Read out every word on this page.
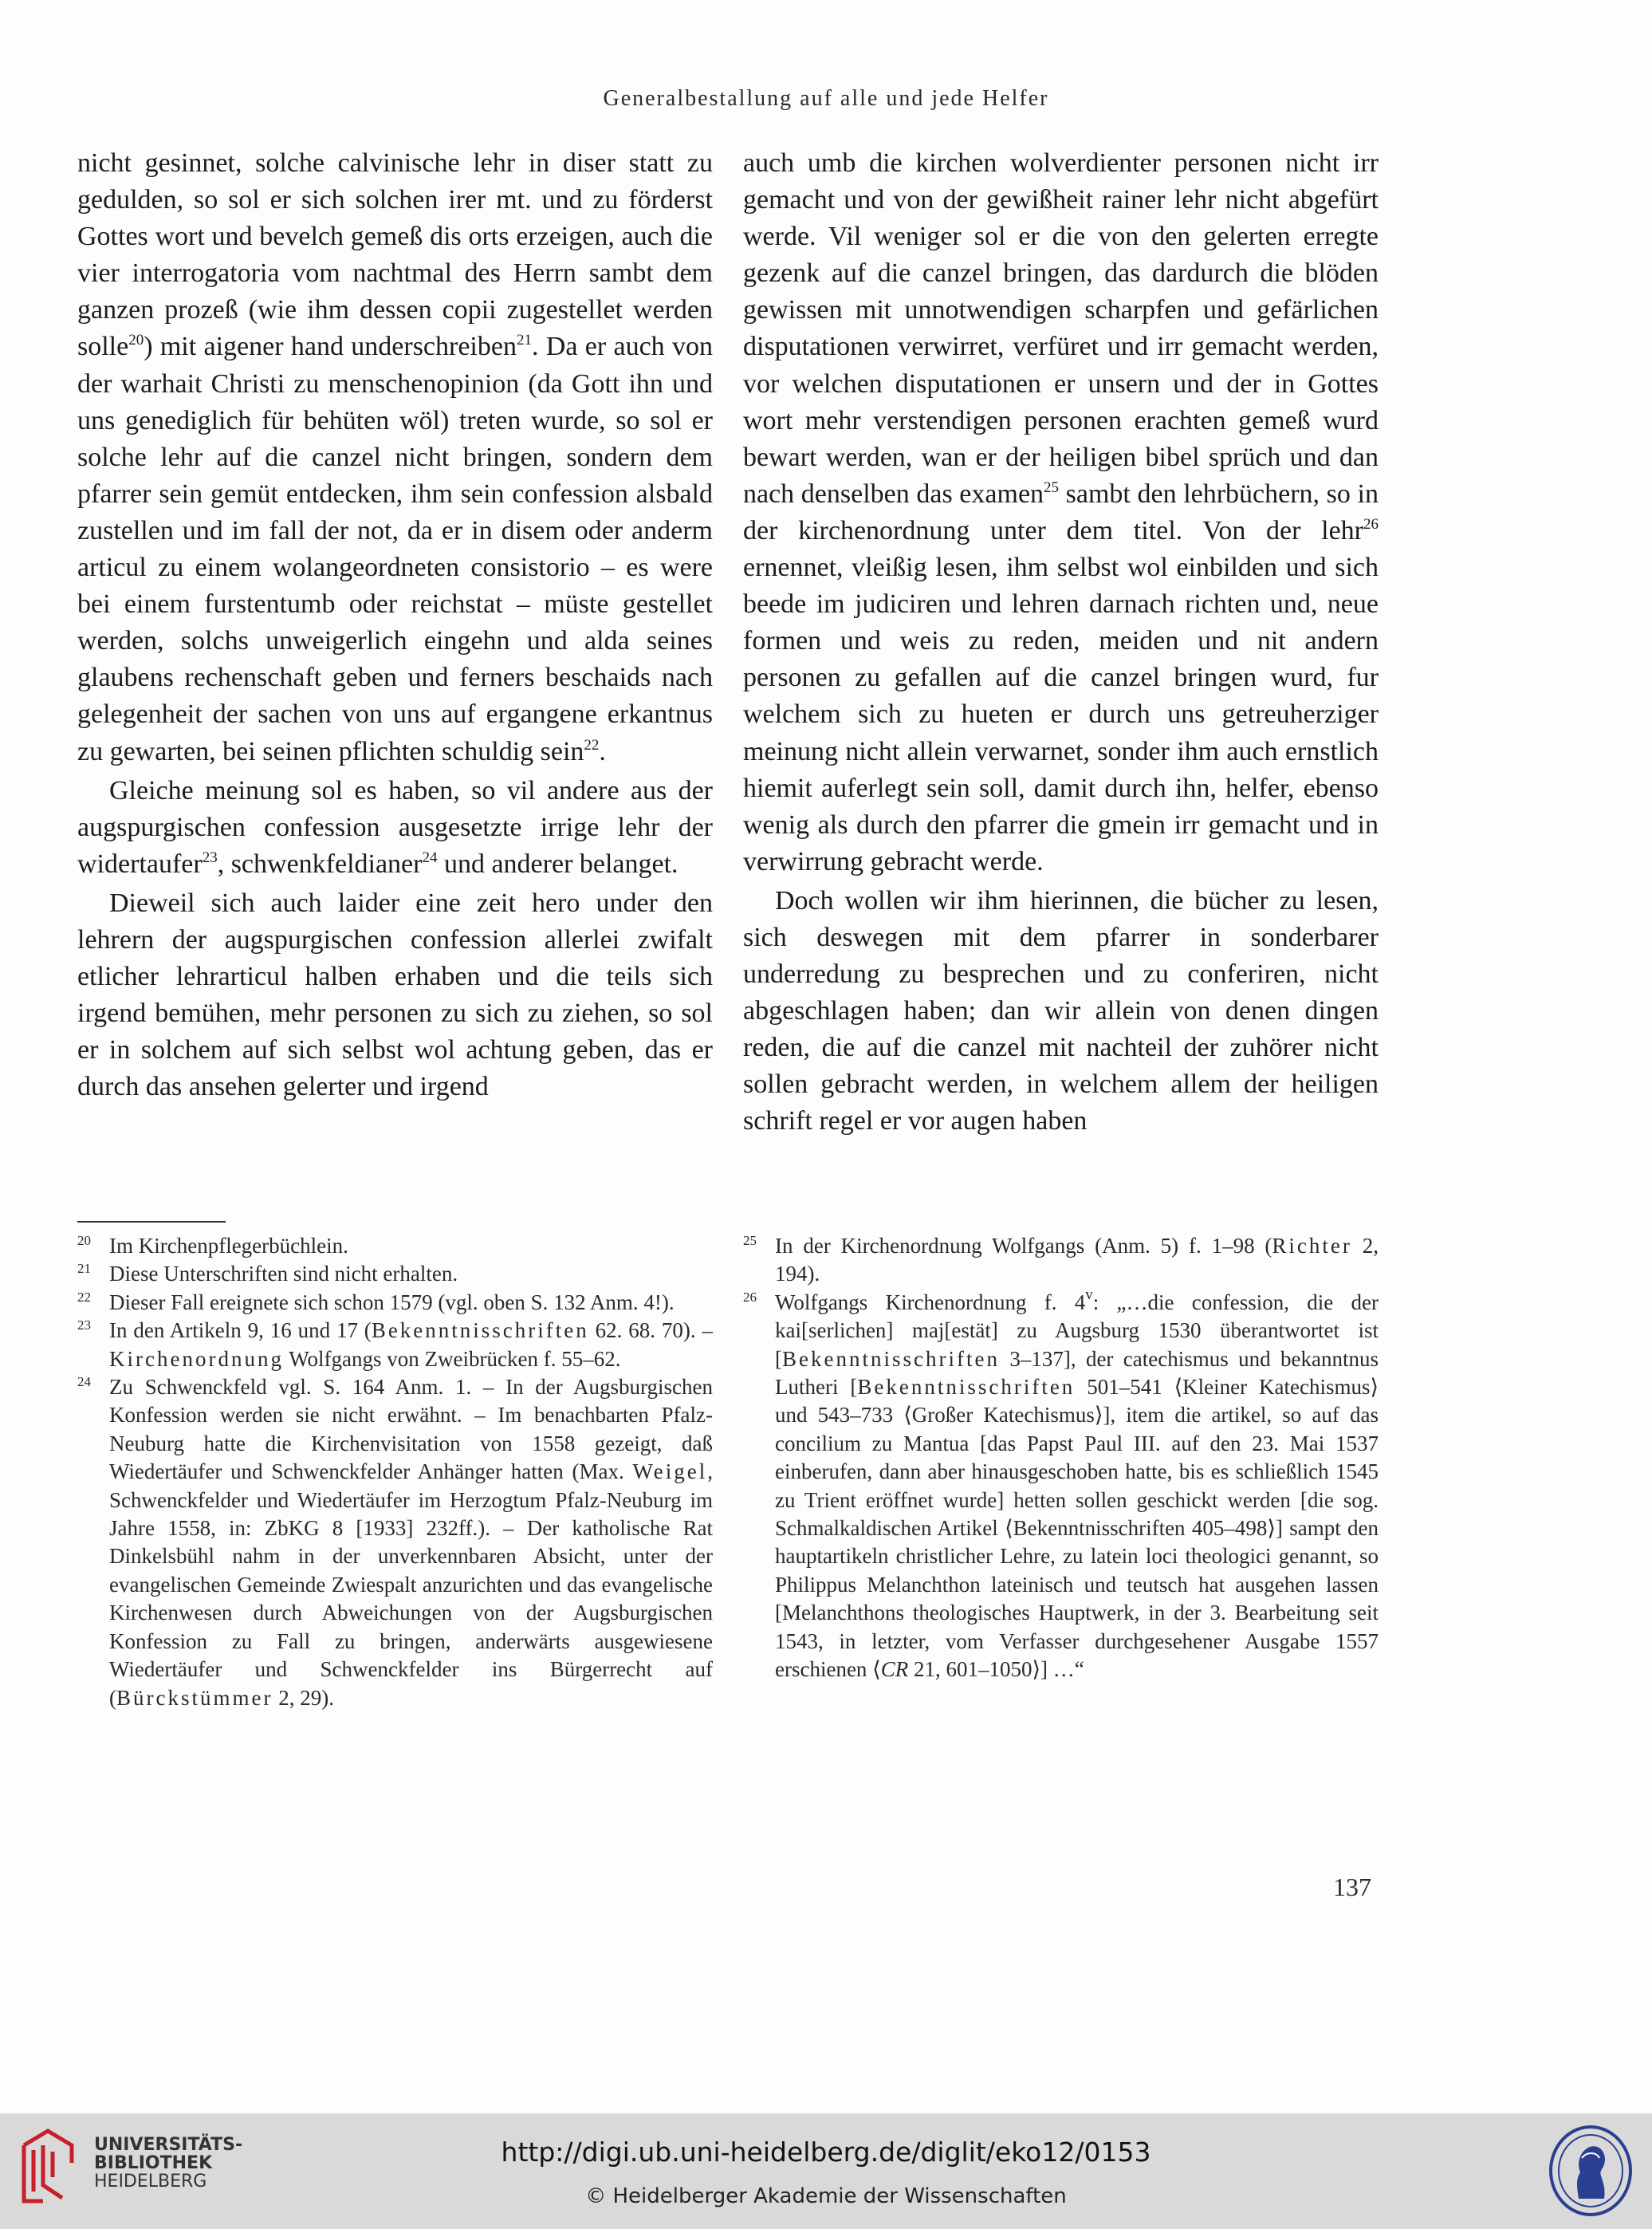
Generalbestallung auf alle und jede Helfer

nicht gesinnet, solche calvinische lehr in diser statt zu gedulden, so sol er sich solchen irer mt. und zu förderst Gottes wort und bevelch gemeß dis orts erzeigen, auch die vier interrogatoria vom nachtmal des Herrn sambt dem ganzen prozeß (wie ihm dessen copii zugestellet werden solle$^{20}$) mit aigener hand underschreiben$^{21}$. Da er auch von der warhait Christi zu menschenopinion (da Gott ihn und uns genediglich für behüten wöl) treten wurde, so sol er solche lehr auf die canzel nicht bringen, sondern dem pfarrer sein gemüt entdecken, ihm sein confession alsbald zustellen und im fall der not, da er in disem oder anderm articul zu einem wolangeordneten consistorio – es were bei einem furstentumb oder reichstat – müste gestellet werden, solchs unweigerlich eingehn und alda seines glaubens rechenschaft geben und ferners beschaids nach gelegenheit der sachen von uns auf ergangene erkantnus zu gewarten, bei seinen pflichten schuldig sein$^{22}$.

Gleiche meinung sol es haben, so vil andere aus der augspurgischen confession ausgesetzte irrige lehr der widertaufer$^{23}$, schwenkfeldianer$^{24}$ und anderer belanget.

Dieweil sich auch laider eine zeit hero under den lehrern der augspurgischen confession allerlei zwifalt etlicher lehrarticul halben erhaben und die teils sich irgend bemühen, mehr personen zu sich zu ziehen, so sol er in solchem auf sich selbst wol achtung geben, das er durch das ansehen gelerter und irgend

auch umb die kirchen wolverdienter personen nicht irr gemacht und von der gewißheit rainer lehr nicht abgefürt werde. Vil weniger sol er die von den gelerten erregte gezenk auf die canzel bringen, das dardurch die blöden gewissen mit unnotwendigen scharpfen und gefärlichen disputationen verwirret, verfüret und irr gemacht werden, vor welchen disputationen er unsern und der in Gottes wort mehr verstendigen personen erachten gemeß wurd bewart werden, wan er der heiligen bibel sprüch und dan nach denselben das examen$^{25}$ sambt den lehrbüchern, so in der kirchenordnung unter dem titel. Von der lehr$^{26}$ ernennet, vleißig lesen, ihm selbst wol einbilden und sich beede im judiciren und lehren darnach richten und, neue formen und weis zu reden, meiden und nit andern personen zu gefallen auf die canzel bringen wurd, fur welchem sich zu hueten er durch uns getreuherziger meinung nicht allein verwarnet, sonder ihm auch ernstlich hiemit auferlegt sein soll, damit durch ihn, helfer, ebenso wenig als durch den pfarrer die gmein irr gemacht und in verwirrung gebracht werde.

Doch wollen wir ihm hierinnen, die bücher zu lesen, sich deswegen mit dem pfarrer in sonderbarer underredung zu besprechen und zu conferiren, nicht abgeschlagen haben; dan wir allein von denen dingen reden, die auf die canzel mit nachteil der zuhörer nicht sollen gebracht werden, in welchem allem der heiligen schrift regel er vor augen haben

20 Im Kirchenpflegerbüchlein.

21 Diese Unterschriften sind nicht erhalten.

22 Dieser Fall ereignete sich schon 1579 (vgl. oben S. 132 Anm. 4!).

23 In den Artikeln 9, 16 und 17 (Bekenntnisschriften 62. 68. 70). – Kirchenordnung Wolfgangs von Zweibrücken f. 55–62.

24 Zu Schwenckfeld vgl. S. 164 Anm. 1. – In der Augsburgischen Konfession werden sie nicht erwähnt. – Im benachbarten Pfalz-Neuburg hatte die Kirchenvisitation von 1558 gezeigt, daß Wiedertäufer und Schwenckfelder Anhänger hatten (Max. Weigel, Schwenckfelder und Wiedertäufer im Herzogtum Pfalz-Neuburg im Jahre 1558, in: ZbKG 8 [1933] 232ff.). – Der katholische Rat Dinkelsbühl nahm in der unverkennbaren Absicht, unter der evangelischen Gemeinde Zwiespalt anzurichten und das evangelische Kirchenwesen durch Abweichungen von der Augsburgischen Konfession zu Fall zu bringen, anderwärts ausgewiesene Wiedertäufer und Schwenckfelder ins Bürgerrecht auf (Bürckstümmer 2, 29).

25 In der Kirchenordnung Wolfgangs (Anm. 5) f. 1–98 (Richter 2, 194).

26 Wolfgangs Kirchenordnung f. 4$^v$: „…die confession, die der kai[serlichen] maj[estät] zu Augsburg 1530 überantwortet ist [Bekenntnisschriften 3–137], der catechismus und bekanntnus Lutheri [Bekenntnisschriften 501–541 ⟨Kleiner Katechismus⟩ und 543–733 ⟨Großer Katechismus⟩], item die artikel, so auf das concilium zu Mantua [das Papst Paul III. auf den 23. Mai 1537 einberufen, dann aber hinausgeschoben hatte, bis es schließlich 1545 zu Trient eröffnet wurde] hetten sollen geschickt werden [die sog. Schmalkaldischen Artikel ⟨Bekenntnisschriften 405–498⟩] sampt den hauptartikeln christlicher Lehre, zu latein loci theologici genannt, so Philippus Melanchthon lateinisch und teutsch hat ausgehen lassen [Melanchthons theologisches Hauptwerk, in der 3. Bearbeitung seit 1543, in letzter, vom Verfasser durchgesehener Ausgabe 1557 erschienen ⟨CR 21, 601–1050⟩] …“

137
UNIVERSITÄTS-
BIBLIOTHEK
HEIDELBERG
http://digi.ub.uni-heidelberg.de/diglit/eko12/0153
© Heidelberger Akademie der Wissenschaften
